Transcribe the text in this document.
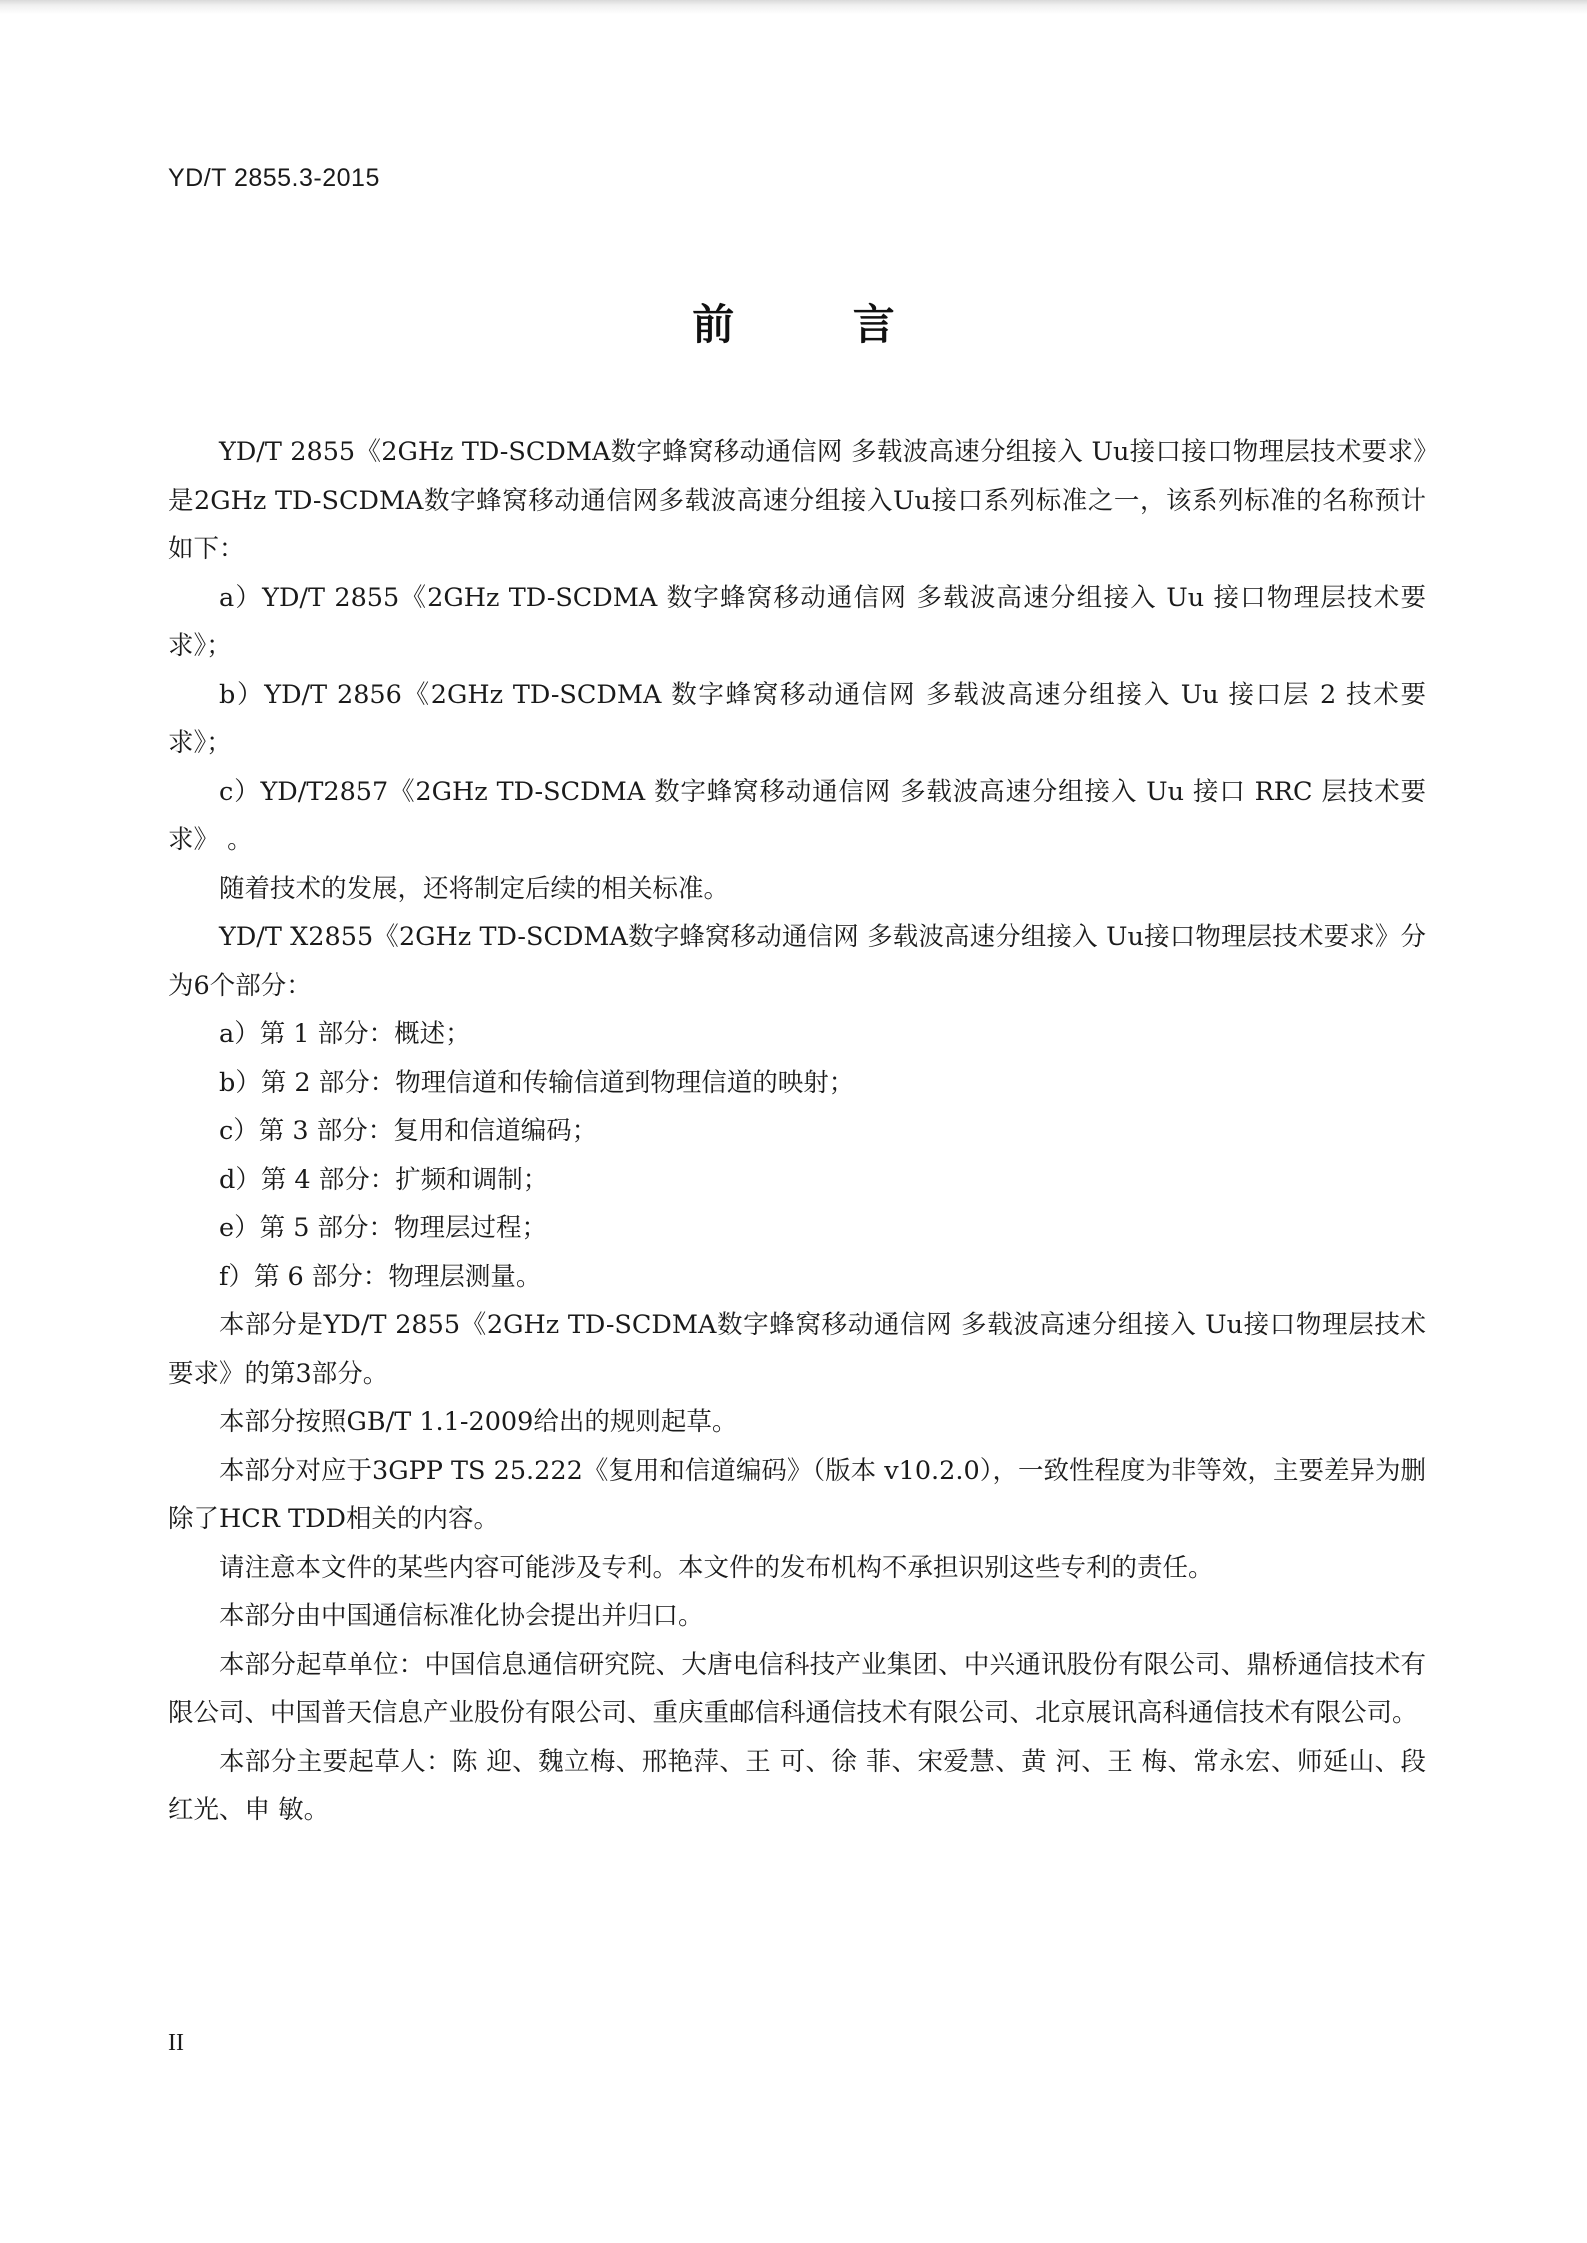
YD/T 2855.3-2015
前 言

YD/T 2855《2GHz TD-SCDMA数字蜂窝移动通信网 多载波高速分组接入 Uu接口接口物理层技术要求》是2GHz TD-SCDMA数字蜂窝移动通信网多载波高速分组接入Uu接口系列标准之一，该系列标准的名称预计如下：

a）YD/T 2855《2GHz TD-SCDMA 数字蜂窝移动通信网 多载波高速分组接入 Uu 接口物理层技术要求》；

b）YD/T 2856《2GHz TD-SCDMA 数字蜂窝移动通信网 多载波高速分组接入 Uu 接口层 2 技术要求》；

c）YD/T2857《2GHz TD-SCDMA 数字蜂窝移动通信网 多载波高速分组接入 Uu 接口 RRC 层技术要求》 。

随着技术的发展，还将制定后续的相关标准。

YD/T X2855《2GHz TD-SCDMA数字蜂窝移动通信网 多载波高速分组接入 Uu接口物理层技术要求》分为6个部分：

a）第 1 部分：概述；

b）第 2 部分：物理信道和传输信道到物理信道的映射；

c）第 3 部分：复用和信道编码；

d）第 4 部分：扩频和调制；

e）第 5 部分：物理层过程；

f）第 6 部分：物理层测量。

本部分是YD/T 2855《2GHz TD-SCDMA数字蜂窝移动通信网 多载波高速分组接入 Uu接口物理层技术要求》的第3部分。

本部分按照GB/T 1.1-2009给出的规则起草。

本部分对应于3GPP TS 25.222《复用和信道编码》（版本 v10.2.0），一致性程度为非等效，主要差异为删除了HCR TDD相关的内容。

请注意本文件的某些内容可能涉及专利。本文件的发布机构不承担识别这些专利的责任。

本部分由中国通信标准化协会提出并归口。

本部分起草单位：中国信息通信研究院、大唐电信科技产业集团、中兴通讯股份有限公司、鼎桥通信技术有限公司、中国普天信息产业股份有限公司、重庆重邮信科通信技术有限公司、北京展讯高科通信技术有限公司。

本部分主要起草人：陈 迎、魏立梅、邢艳萍、王 可、徐 菲、宋爱慧、黄 河、王 梅、常永宏、师延山、段红光、申 敏。

II
